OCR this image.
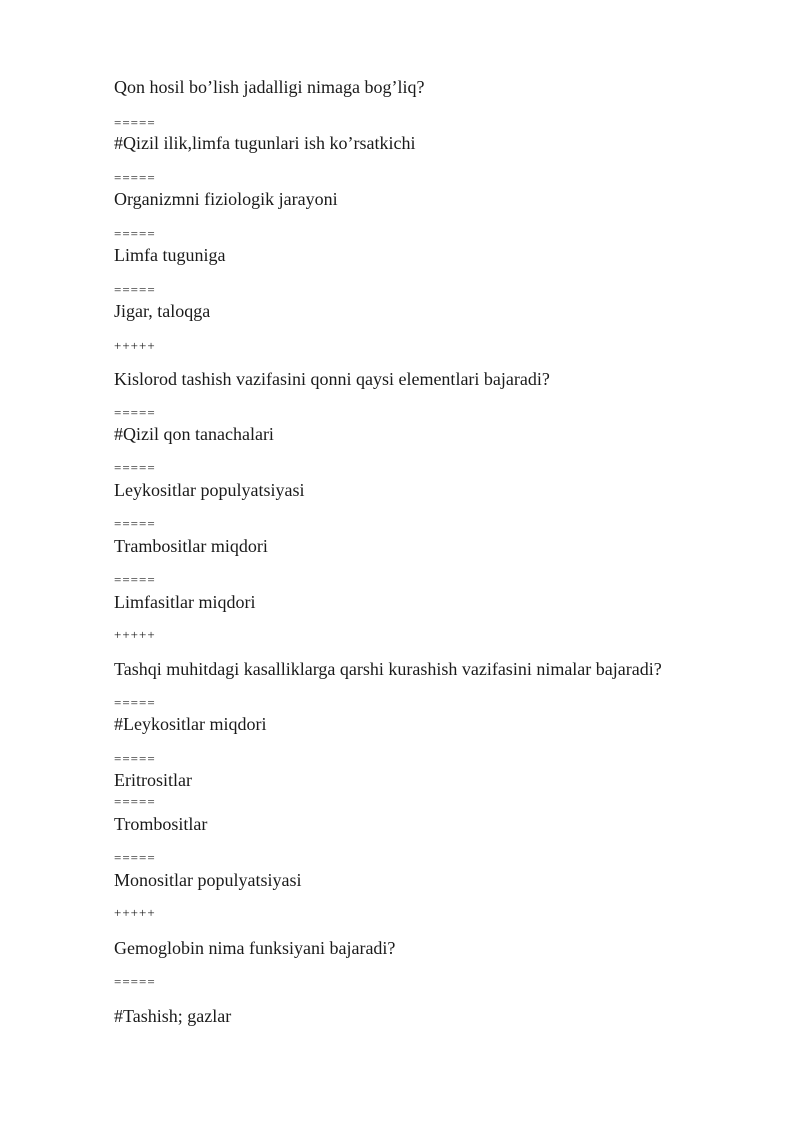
Qon hosil bo’lish jadalligi nimaga bog’liq?
=====
#Qizil ilik,limfa tugunlari ish ko’rsatkichi
=====
Organizmni fiziologik jarayoni
=====
Limfa tuguniga
=====
Jigar, taloqga
+++++
Kislorod tashish vazifasini qonni qaysi elementlari bajaradi?
=====
#Qizil qon tanachalari
=====
Leykositlar populyatsiyasi
=====
Trambositlar miqdori
=====
Limfasitlar miqdori
+++++
Tashqi muhitdagi kasalliklarga qarshi kurashish vazifasini nimalar bajaradi?
=====
#Leykositlar miqdori
=====
Eritrositlar
=====
Trombositlar
=====
Monositlar populyatsiyasi
+++++
Gemoglobin nima funksiyani bajaradi?
=====
#Tashish; gazlar
